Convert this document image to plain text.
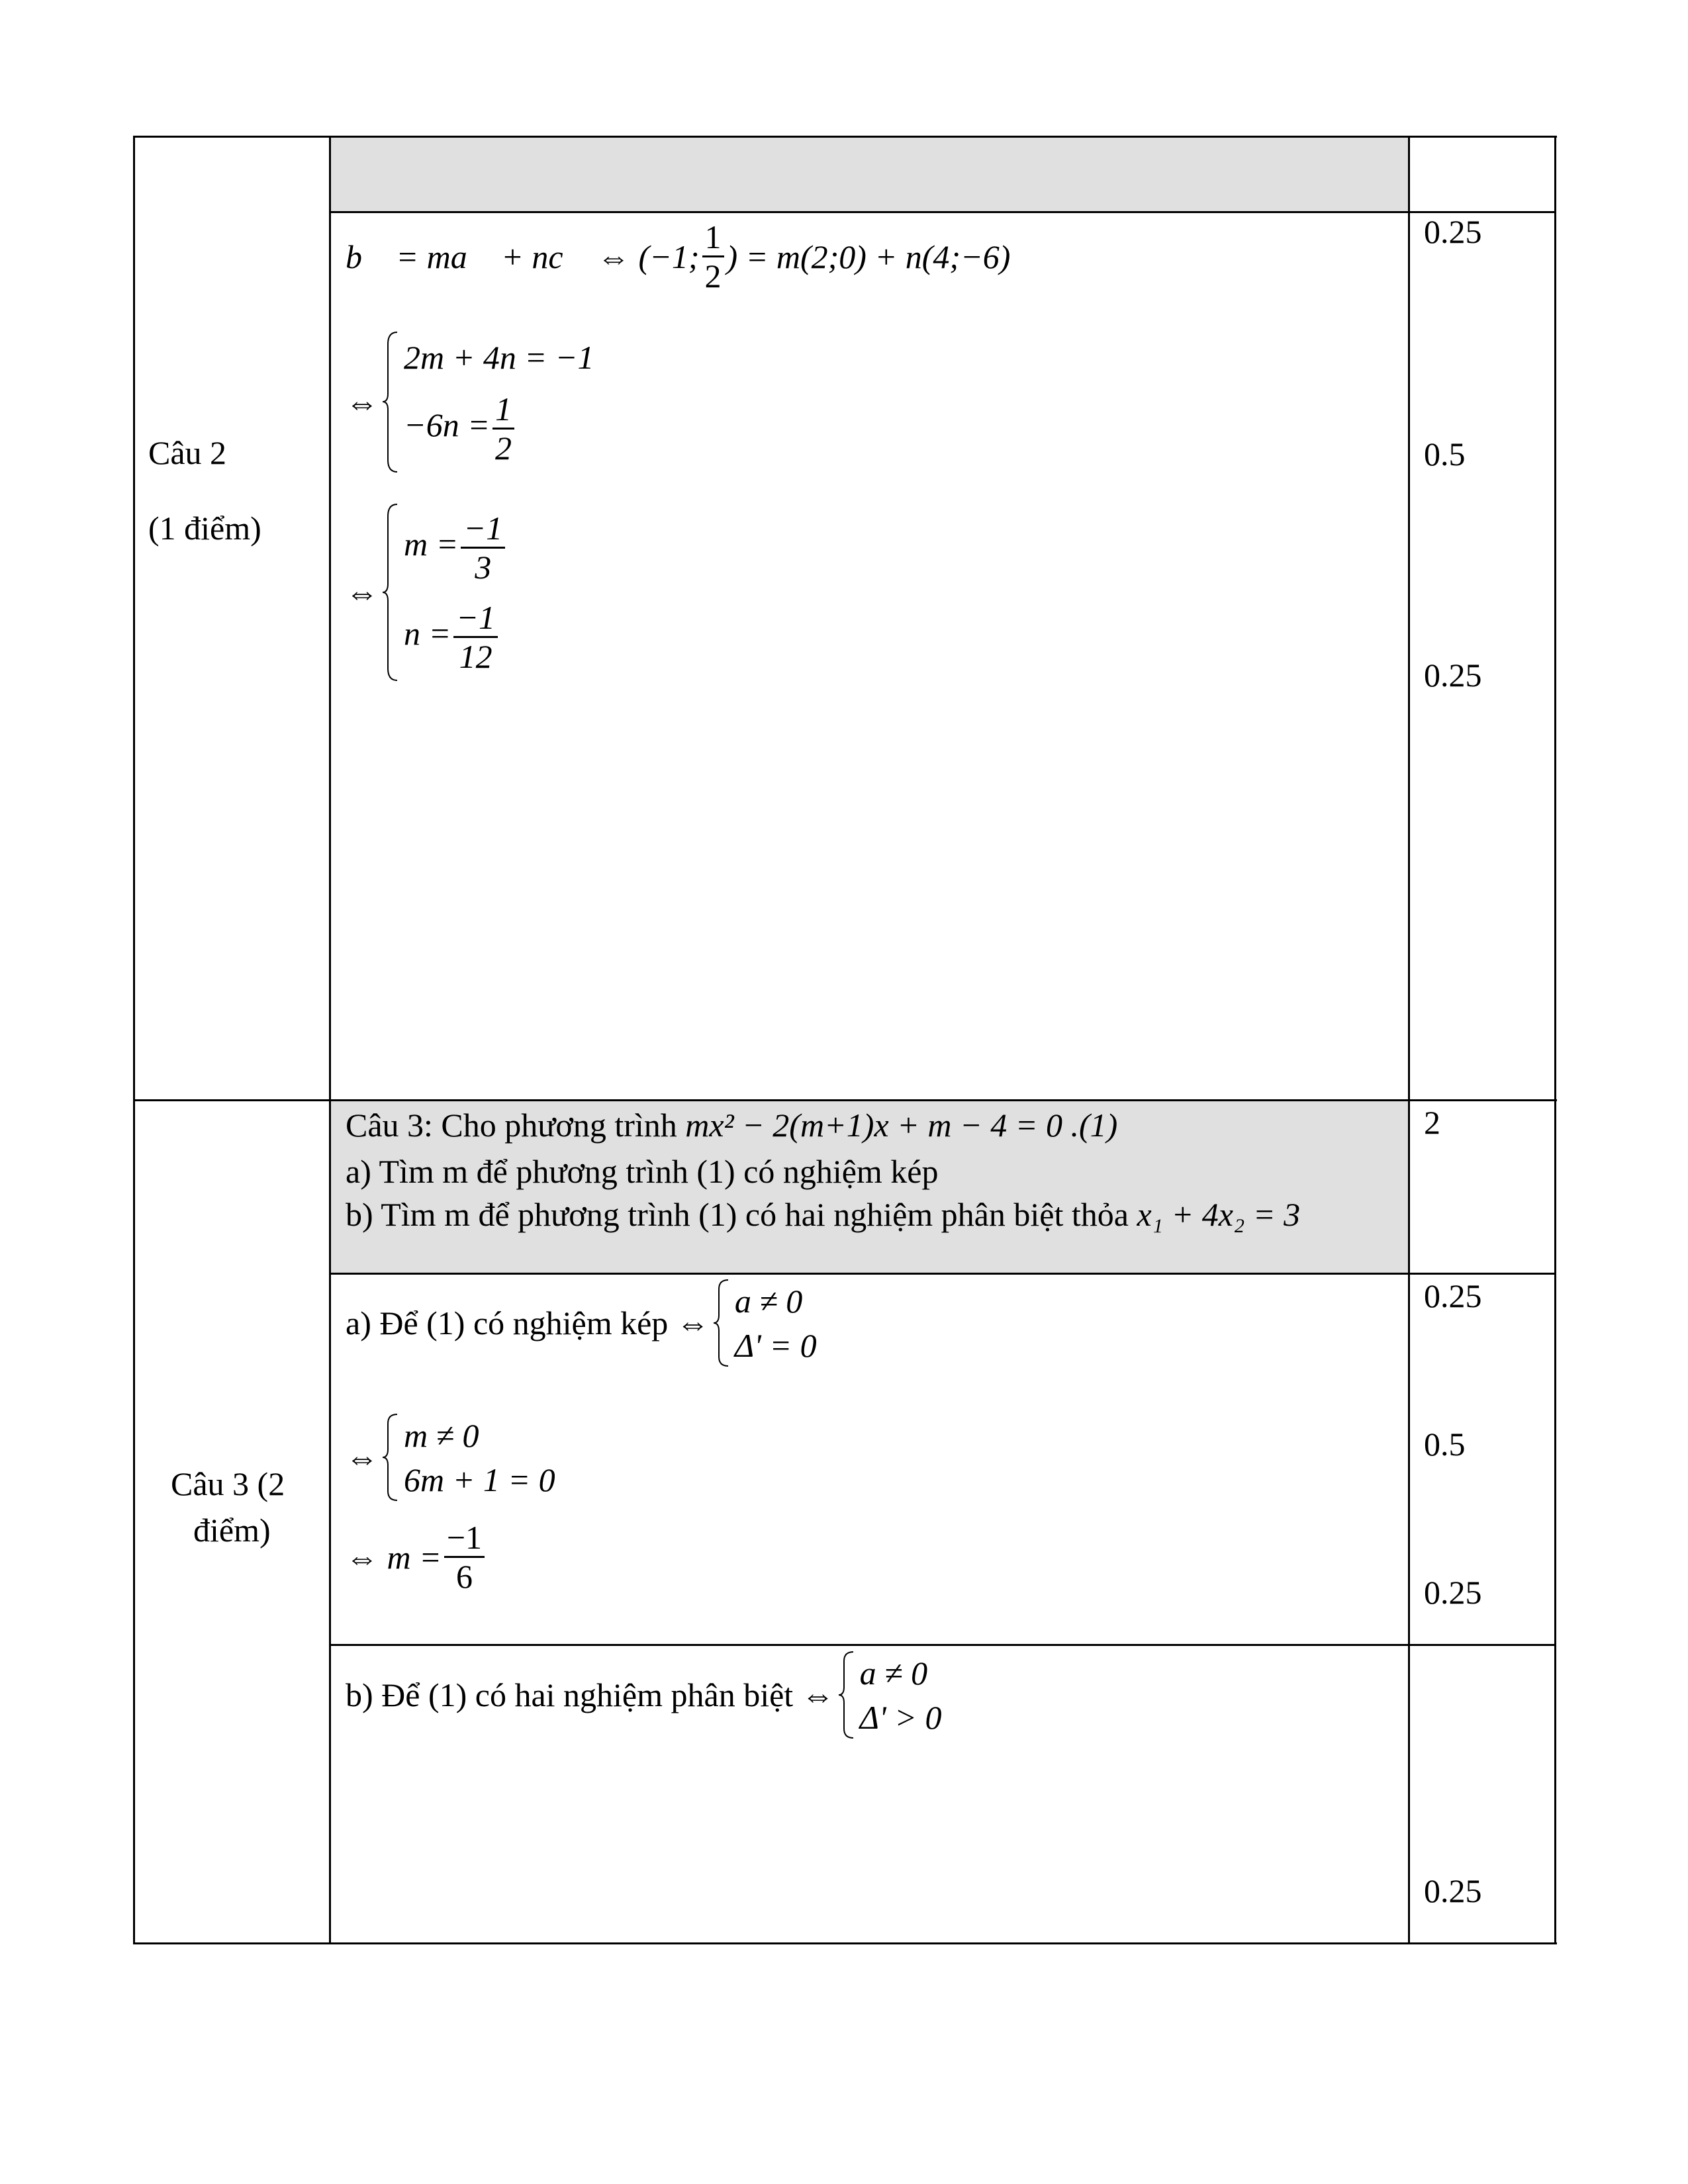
Câu 2
(1 điểm)
b⃗ = ma⃗ + nc⃗ ⇔ (−1; $\frac{1}{2}$ ) = m(2;0) + n(4;−6)
⇔
2m + 4n = −1
$-6n = \frac{1}{2}$
⇔
$m = \frac{-1}{3}$
$n = \frac{-1}{12}$
0.25
0.5
0.25
Câu 3 (2
điểm)
Câu 3: Cho phương trình mx² − 2(m+1)x + m − 4 = 0 .(1)
a) Tìm m để phương trình (1) có nghiệm kép
b) Tìm m để phương trình (1) có hai nghiệm phân biệt thỏa x₁ + 4x₂ = 3
2
a) Để (1) có nghiệm kép ⇔
a ≠ 0
Δ' = 0
⇔
m ≠ 0
6m + 1 = 0
⇔ $m = \frac{-1}{6}$
0.25
0.5
0.25
b) Để (1) có hai nghiệm phân biệt ⇔
a ≠ 0
Δ' > 0
0.25
